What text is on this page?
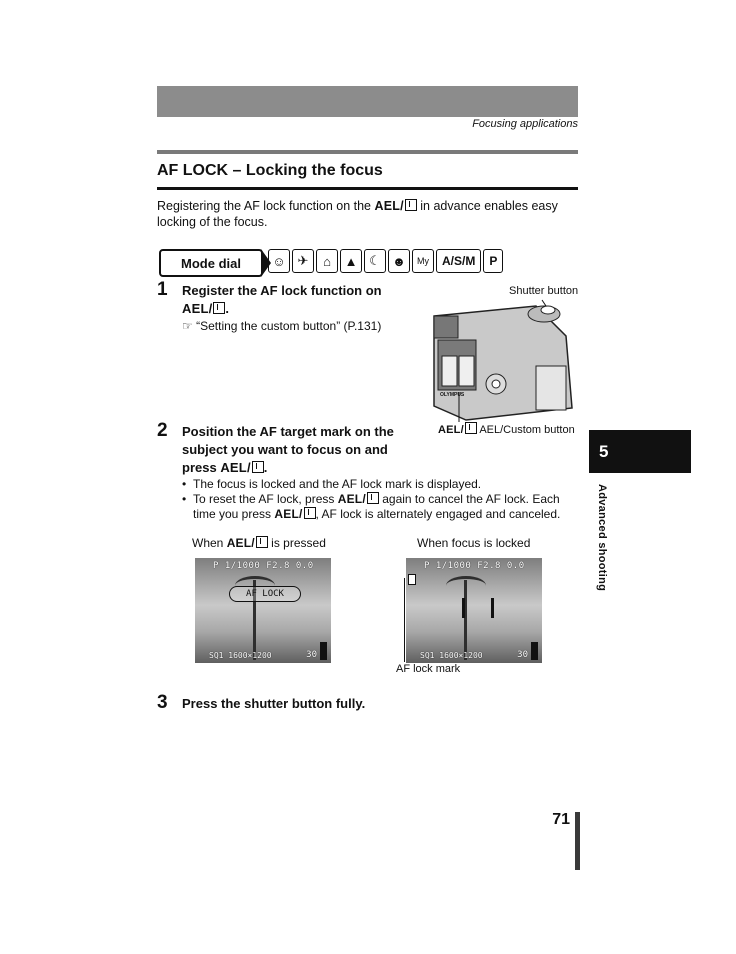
Focusing applications
AF LOCK – Locking the focus
Registering the AF lock function on the AEL/ in advance enables easy locking of the focus.
Mode dial	☺ ✈	⌂	▲ ☾ ☻	My	A/S/M	P
1 Register the AF lock function on
AEL/ .
☞ “Setting the custom button” (P.131)
Shutter button
OLYMPUS
AEL/ AEL/Custom button
2 Position the AF target mark on the
subject you want to focus on and
press AEL/ .
• The focus is locked and the AF lock mark is displayed.
• To reset the AF lock, press AEL/ again to cancel the AF lock. Each
time you press AEL/ , AF lock is alternately engaged and canceled.
When AEL/ is pressed	When focus is locked
P 1/1000 F2.8 0.0
AF LOCK
SQ1 1600×1200	30
P 1/1000 F2.8 0.0
SQ1 1600×1200	30
AF lock mark
3 Press the shutter button fully.
5
Advanced shooting
71
